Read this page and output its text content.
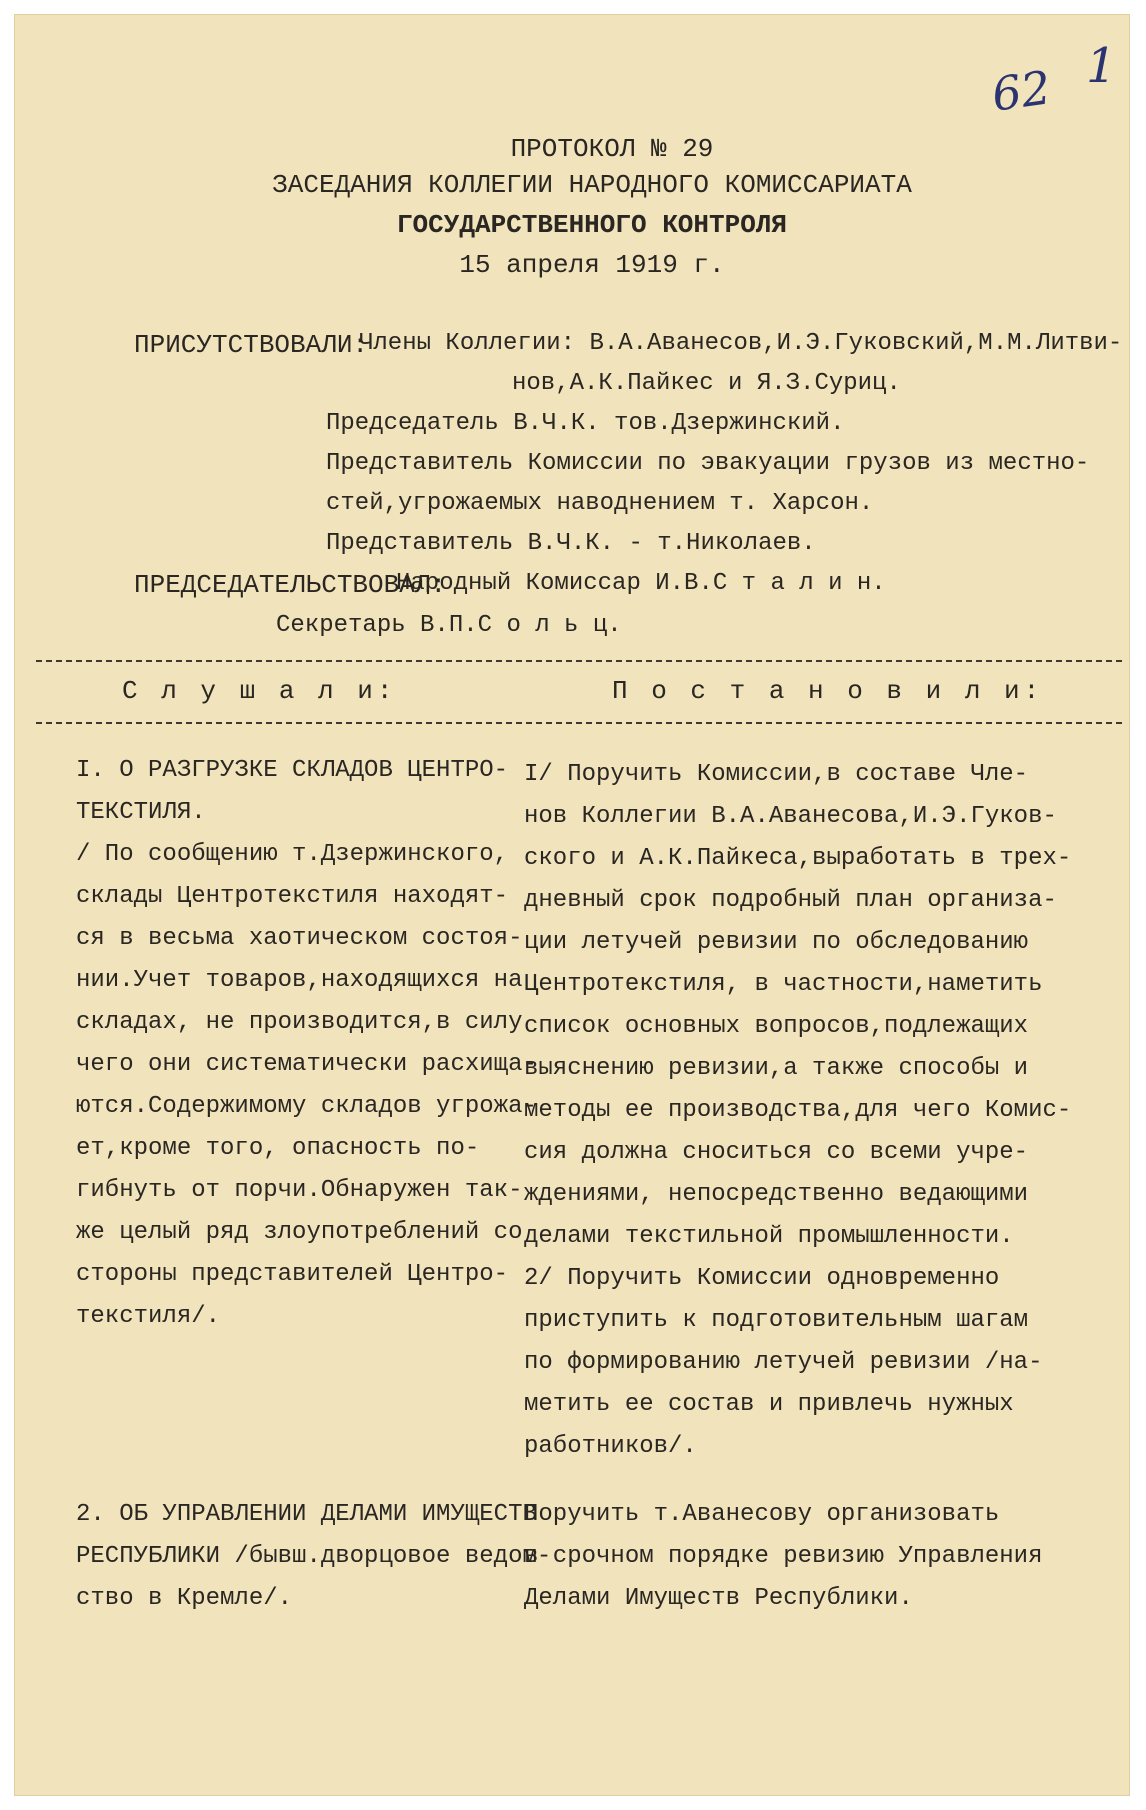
62 1
ПРОТОКОЛ № 29
ЗАСЕДАНИЯ КОЛЛЕГИИ НАРОДНОГО КОМИССАРИАТА
ГОСУДАРСТВЕННОГО КОНТРОЛЯ
15 апреля 1919 г.
ПРИСУТСТВОВАЛИ:
Члены Коллегии: В.А.Аванесов,И.Э.Гуковский,М.М.Литви-
нов,А.К.Пайкес и Я.З.Суриц.
Председатель В.Ч.К. тов.Дзержинский.
Представитель Комиссии по эвакуации грузов из местно-
стей,угрожаемых наводнением т. Харсон.
Представитель В.Ч.К. - т.Николаев.
ПРЕДСЕДАТЕЛЬСТВОВАЛ:
Народный Комиссар И.В.С т а л и н.
Секретарь В.П.С о л ь ц.
С л у ш а л и:	П о с т а н о в и л и:
I. О РАЗГРУЗКЕ СКЛАДОВ ЦЕНТРО-
ТЕКСТИЛЯ.
/ По сообщению т.Дзержинского,
склады Центротекстиля находят-
ся в весьма хаотическом состоя-
нии.Учет товаров,находящихся на
складах, не производится,в силу
чего они систематически расхища-
ются.Содержимому складов угрожа-
ет,кроме того, опасность по-
гибнуть от порчи.Обнаружен так-
же целый ряд злоупотреблений со
стороны представителей Центро-
текстиля/.
I/ Поручить Комиссии,в составе Чле-
нов Коллегии В.А.Аванесова,И.Э.Гуков-
ского и А.К.Пайкеса,выработать в трех-
дневный срок подробный план организа-
ции летучей ревизии по обследованию
Центротекстиля, в частности,наметить
список основных вопросов,подлежащих
выяснению ревизии,а также способы и
методы ее производства,для чего Комис-
сия должна сноситься со всеми учре-
ждениями, непосредственно ведающими
делами текстильной промышленности.
2/ Поручить Комиссии одновременно
приступить к подготовительным шагам
по формированию летучей ревизии /на-
метить ее состав и привлечь нужных
работников/.
2. ОБ УПРАВЛЕНИИ ДЕЛАМИ ИМУЩЕСТВ
РЕСПУБЛИКИ /бывш.дворцовое ведом-
ство в Кремле/.
Поручить т.Аванесову организовать
в срочном порядке ревизию Управления
Делами Имуществ Республики.
